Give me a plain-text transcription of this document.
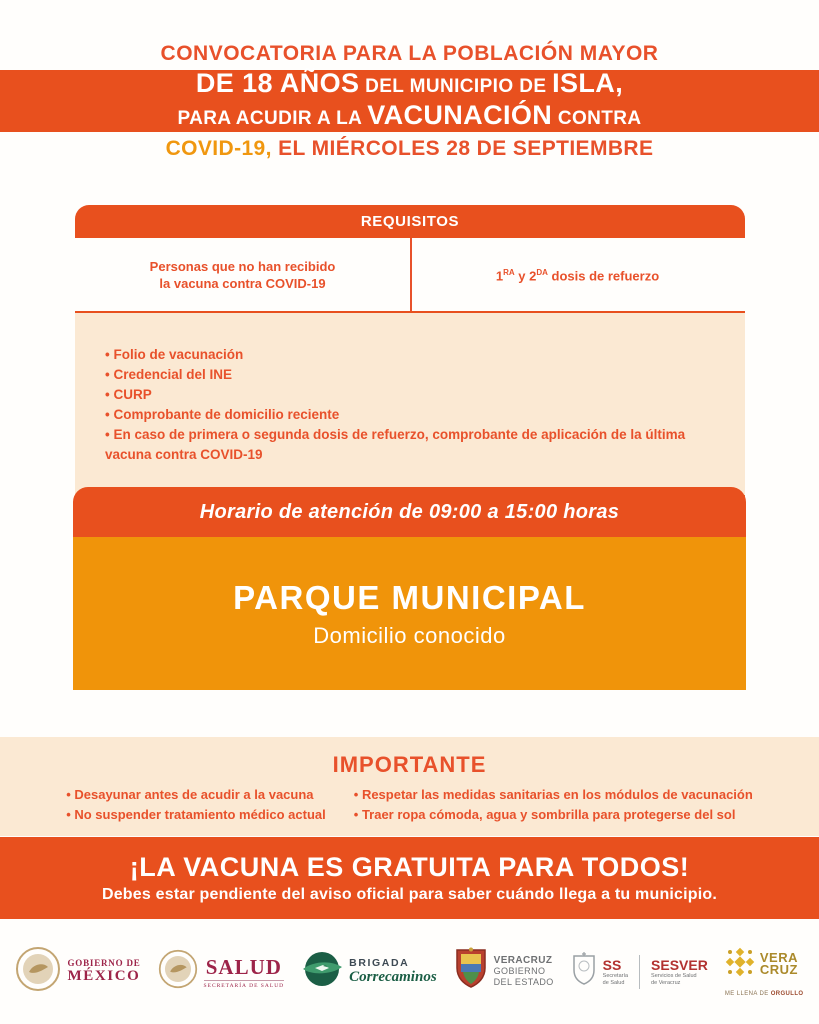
CONVOCATORIA PARA LA POBLACIÓN MAYOR
DE 18 AÑOS DEL MUNICIPIO DE ISLA,
PARA ACUDIR A LA VACUNACIÓN CONTRA
COVID-19, EL MIÉRCOLES 28 DE SEPTIEMBRE
REQUISITOS
Personas que no han recibido
la vacuna contra COVID-19	$1^{RA}$ y $2^{DA}$ dosis de refuerzo
• Folio de vacunación
• Credencial del INE
• CURP
• Comprobante de domicilio reciente
• En caso de primera o segunda dosis de refuerzo, comprobante de aplicación de la última vacuna contra COVID-19
Horario de atención de 09:00 a 15:00 horas
PARQUE MUNICIPAL
Domicilio conocido
IMPORTANTE
• Desayunar antes de acudir a la vacuna
• No suspender tratamiento médico actual
• Respetar las medidas sanitarias en los módulos de vacunación
• Traer ropa cómoda, agua y sombrilla para protegerse del sol
¡LA VACUNA ES GRATUITA PARA TODOS!
Debes estar pendiente del aviso oficial para saber cuándo llega a tu municipio.
GOBIERNO DE
MÉXICO	SALUD
SECRETARÍA DE SALUD
BRIGADA
Correcaminos
VERACRUZ
GOBIERNO
DEL ESTADO
SS
Secretaría
de Salud
SESVER
Servicios de Salud
de Veracruz
VERA
CRUZ
ME LLENA DE ORGULLO
